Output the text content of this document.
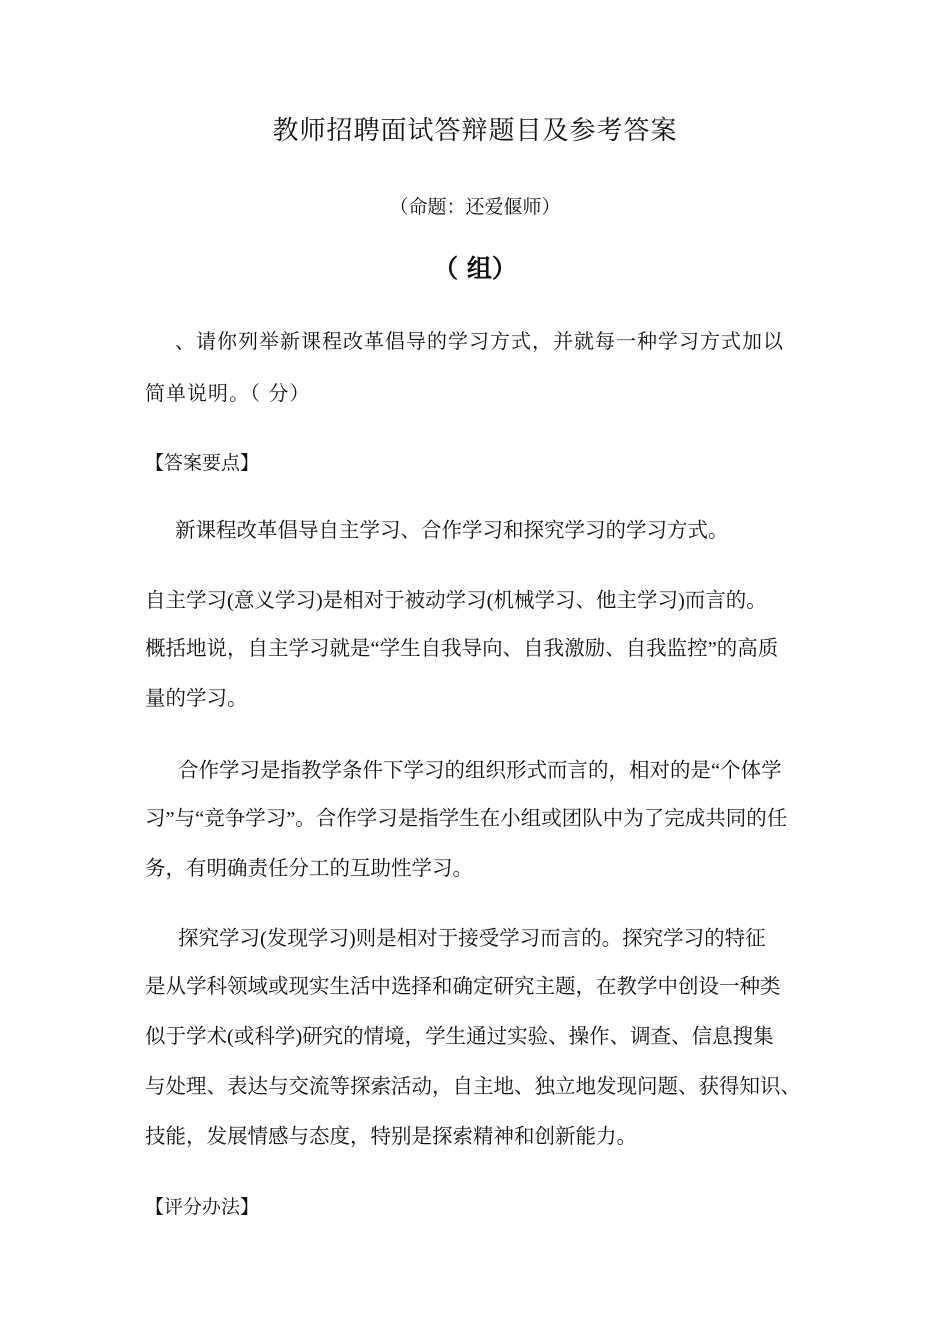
教师招聘面试答辩题目及参考答案
（命题：还爱偃师）
（ 组）
、请你列举新课程改革倡导的学习方式，并就每一种学习方式加以
简单说明。（ 分）
【答案要点】
新课程改革倡导自主学习、合作学习和探究学习的学习方式。
自主学习(意义学习)是相对于被动学习(机械学习、他主学习)而言的。
概括地说，自主学习就是“学生自我导向、自我激励、自我监控”的高质
量的学习。
合作学习是指教学条件下学习的组织形式而言的，相对的是“个体学
习”与“竞争学习”。合作学习是指学生在小组或团队中为了完成共同的任
务，有明确责任分工的互助性学习。
探究学习(发现学习)则是相对于接受学习而言的。探究学习的特征
是从学科领域或现实生活中选择和确定研究主题，在教学中创设一种类
似于学术(或科学)研究的情境，学生通过实验、操作、调查、信息搜集
与处理、表达与交流等探索活动，自主地、独立地发现问题、获得知识、
技能，发展情感与态度，特别是探索精神和创新能力。
【评分办法】
